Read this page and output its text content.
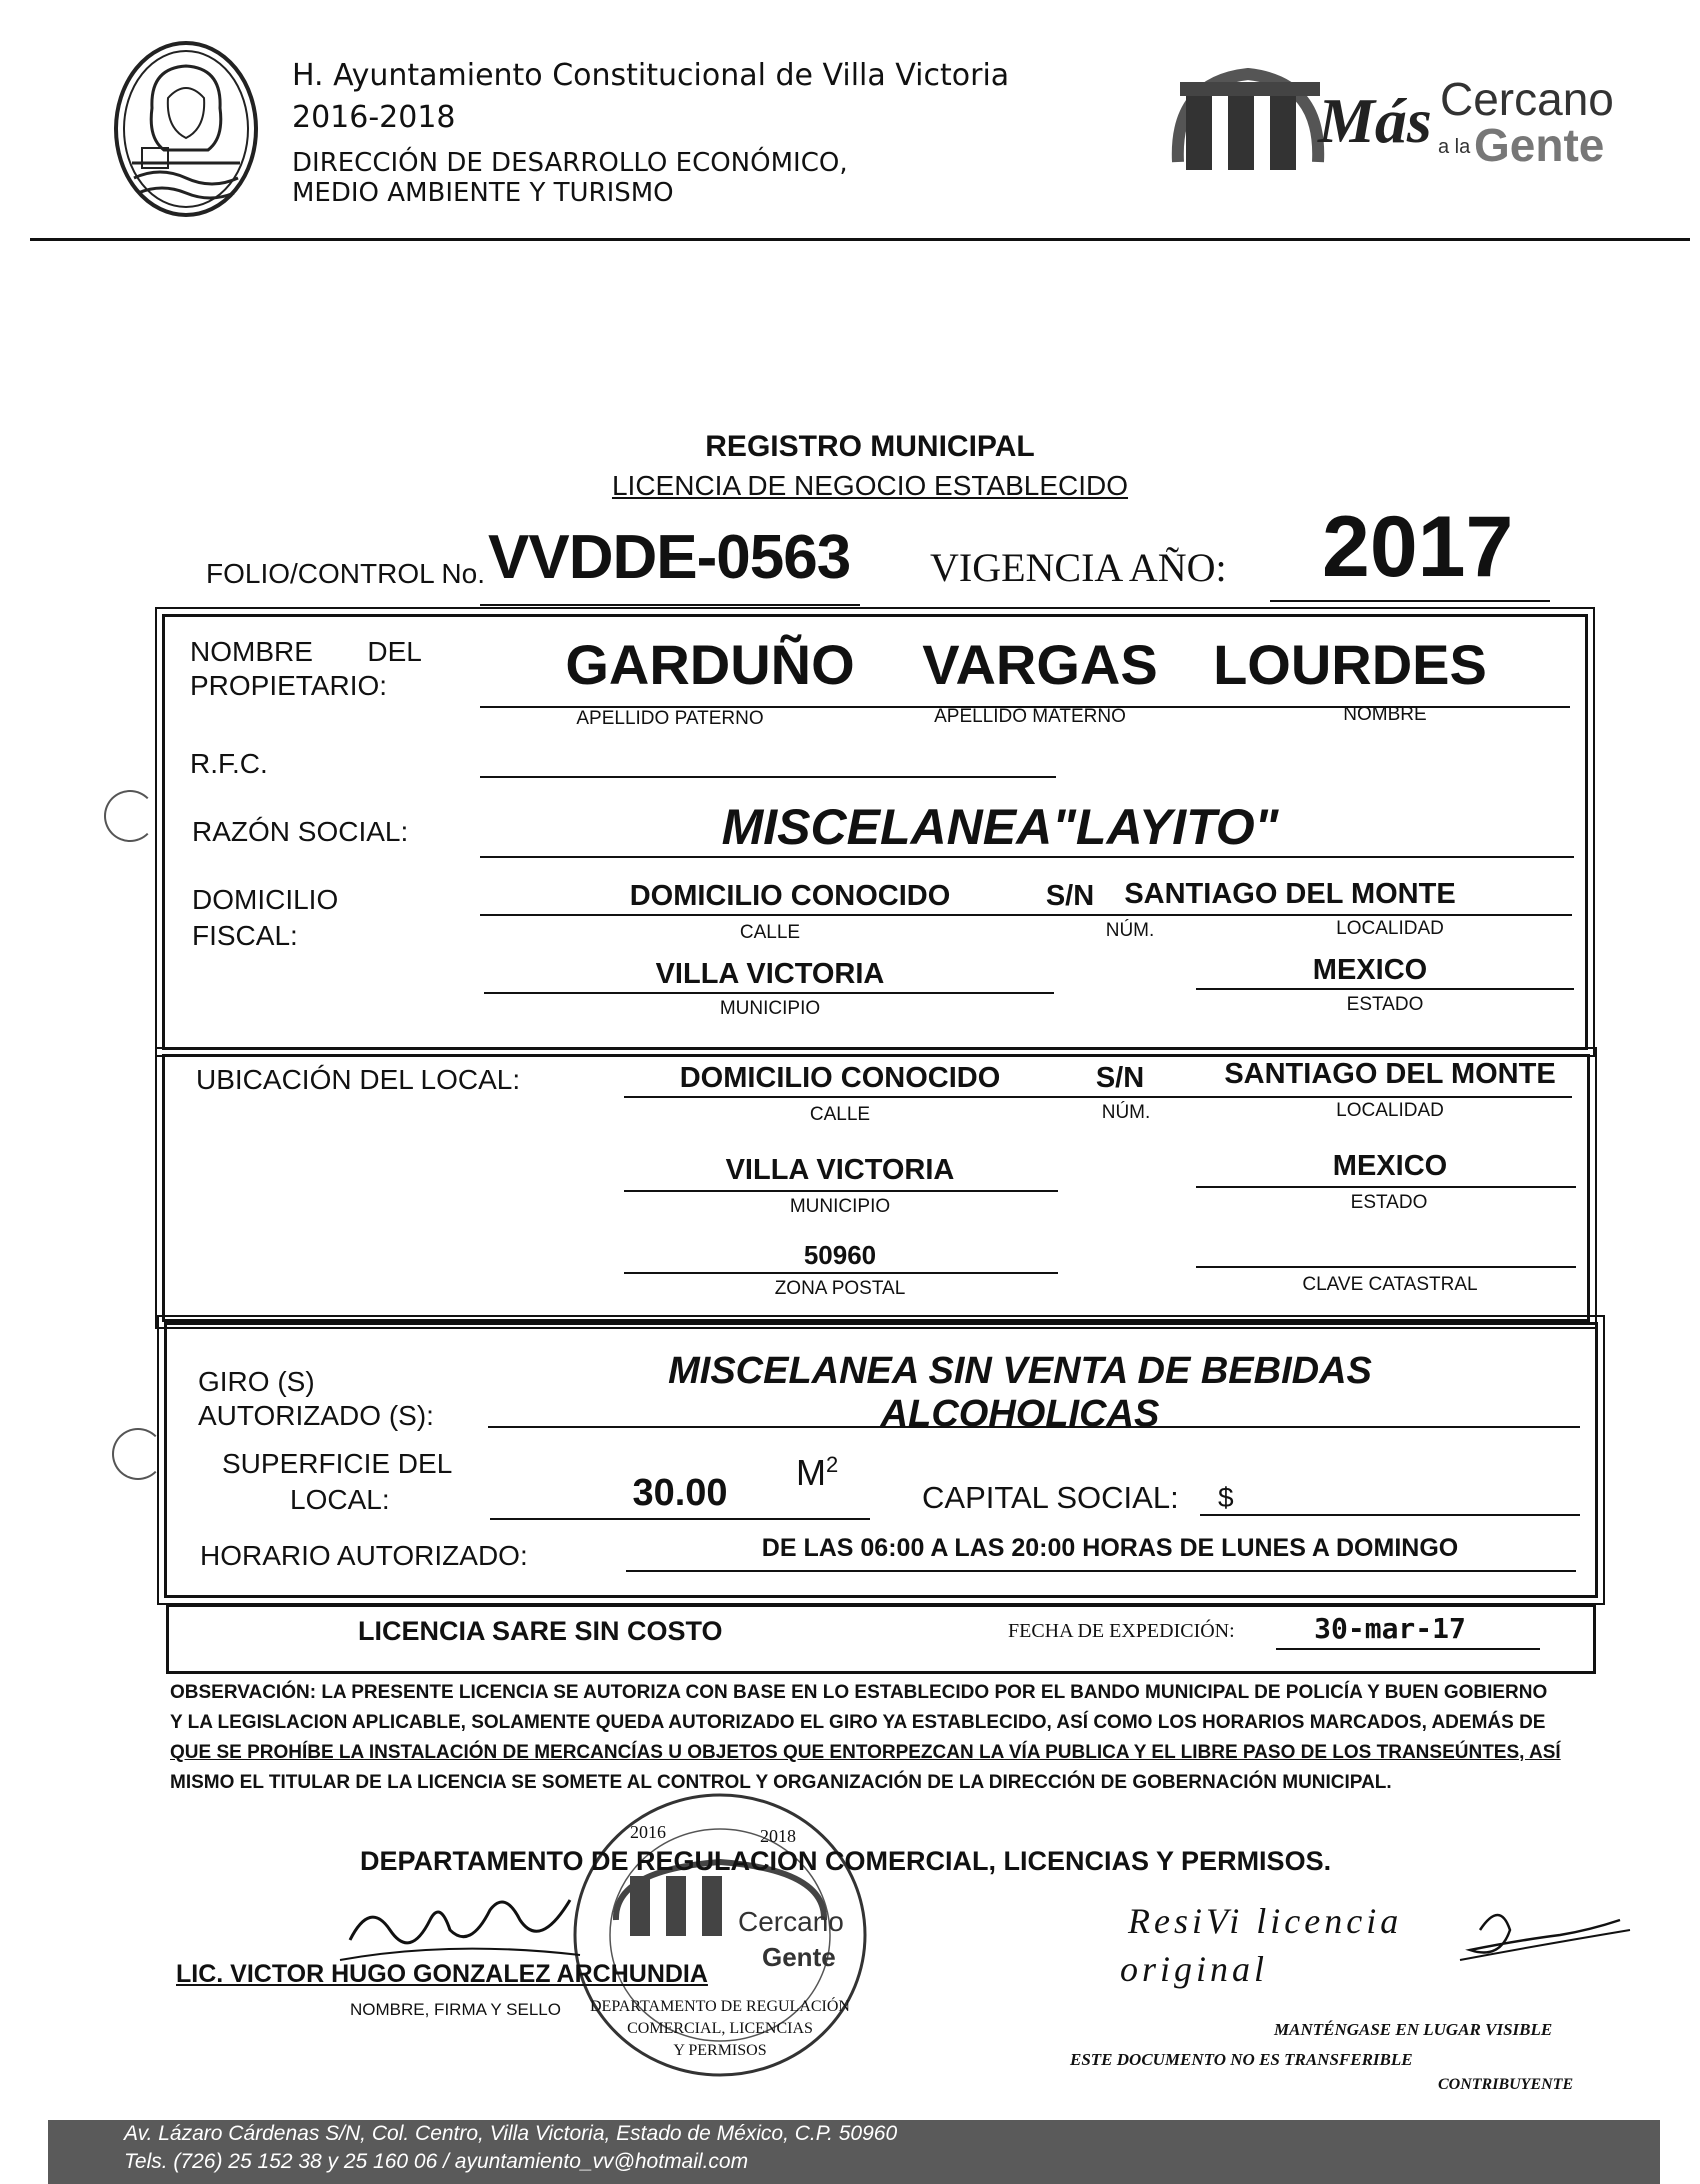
H. Ayuntamiento Constitucional de Villa Victoria
2016-2018
DIRECCIÓN DE DESARROLLO ECONÓMICO,
MEDIO AMBIENTE Y TURISMO
Más Cercano
a la Gente
REGISTRO MUNICIPAL
LICENCIA DE NEGOCIO ESTABLECIDO
FOLIO/CONTROL No. VVDDE-0563 VIGENCIA AÑO: 2017
NOMBRE       DEL
PROPIETARIO:	GARDUÑO	VARGAS LOURDES
APELLIDO PATERNO	APELLIDO MATERNO	NOMBRE
R.F.C.
RAZÓN SOCIAL:	MISCELANEA"LAYITO"
DOMICILIO
FISCAL:
DOMICILIO CONOCIDO	S/N	SANTIAGO DEL MONTE
CALLE	NÚM.	LOCALIDAD
VILLA VICTORIA
MUNICIPIO
MEXICO
ESTADO
UBICACIÓN DEL LOCAL:	DOMICILIO CONOCIDO	S/N	SANTIAGO DEL MONTE
CALLE	NÚM.	LOCALIDAD
VILLA VICTORIA
MUNICIPIO
MEXICO
ESTADO
50960
ZONA POSTAL	CLAVE CATASTRAL
GIRO (S)
AUTORIZADO (S):
MISCELANEA SIN VENTA DE BEBIDAS ALCOHOLICAS
SUPERFICIE DEL
LOCAL:	30.00	$M^2$
CAPITAL SOCIAL: $
HORARIO AUTORIZADO:	DE LAS 06:00 A LAS 20:00 HORAS DE LUNES A DOMINGO
LICENCIA SARE SIN COSTO	FECHA DE EXPEDICIÓN:	30-mar-17
OBSERVACIÓN: LA PRESENTE LICENCIA SE AUTORIZA CON BASE EN LO ESTABLECIDO POR EL BANDO MUNICIPAL DE POLICÍA Y BUEN GOBIERNO
Y LA LEGISLACION APLICABLE, SOLAMENTE QUEDA AUTORIZADO EL GIRO YA ESTABLECIDO, ASÍ COMO LOS HORARIOS MARCADOS, ADEMÁS DE
QUE SE PROHÍBE LA INSTALACIÓN DE MERCANCÍAS U OBJETOS QUE ENTORPEZCAN LA VÍA PUBLICA Y EL LIBRE PASO DE LOS TRANSEÚNTES, ASÍ
MISMO EL TITULAR DE LA LICENCIA SE SOMETE AL CONTROL Y ORGANIZACIÓN DE LA DIRECCIÓN DE GOBERNACIÓN MUNICIPAL.
2016	2018
DEPARTAMENTO DE REGULACIÓN
COMERCIAL, LICENCIAS
Y PERMISOS
Cercano
Gente
DEPARTAMENTO DE REGULACION COMERCIAL, LICENCIAS Y PERMISOS.
LIC. VICTOR HUGO GONZALEZ ARCHUNDIA
NOMBRE, FIRMA Y SELLO
ResiVi licencia
original
MANTÉNGASE EN LUGAR VISIBLE
ESTE DOCUMENTO NO ES TRANSFERIBLE
CONTRIBUYENTE
Av. Lázaro Cárdenas S/N, Col. Centro, Villa Victoria, Estado de México, C.P. 50960
Tels. (726) 25 152 38 y 25 160 06 / ayuntamiento_vv@hotmail.com
